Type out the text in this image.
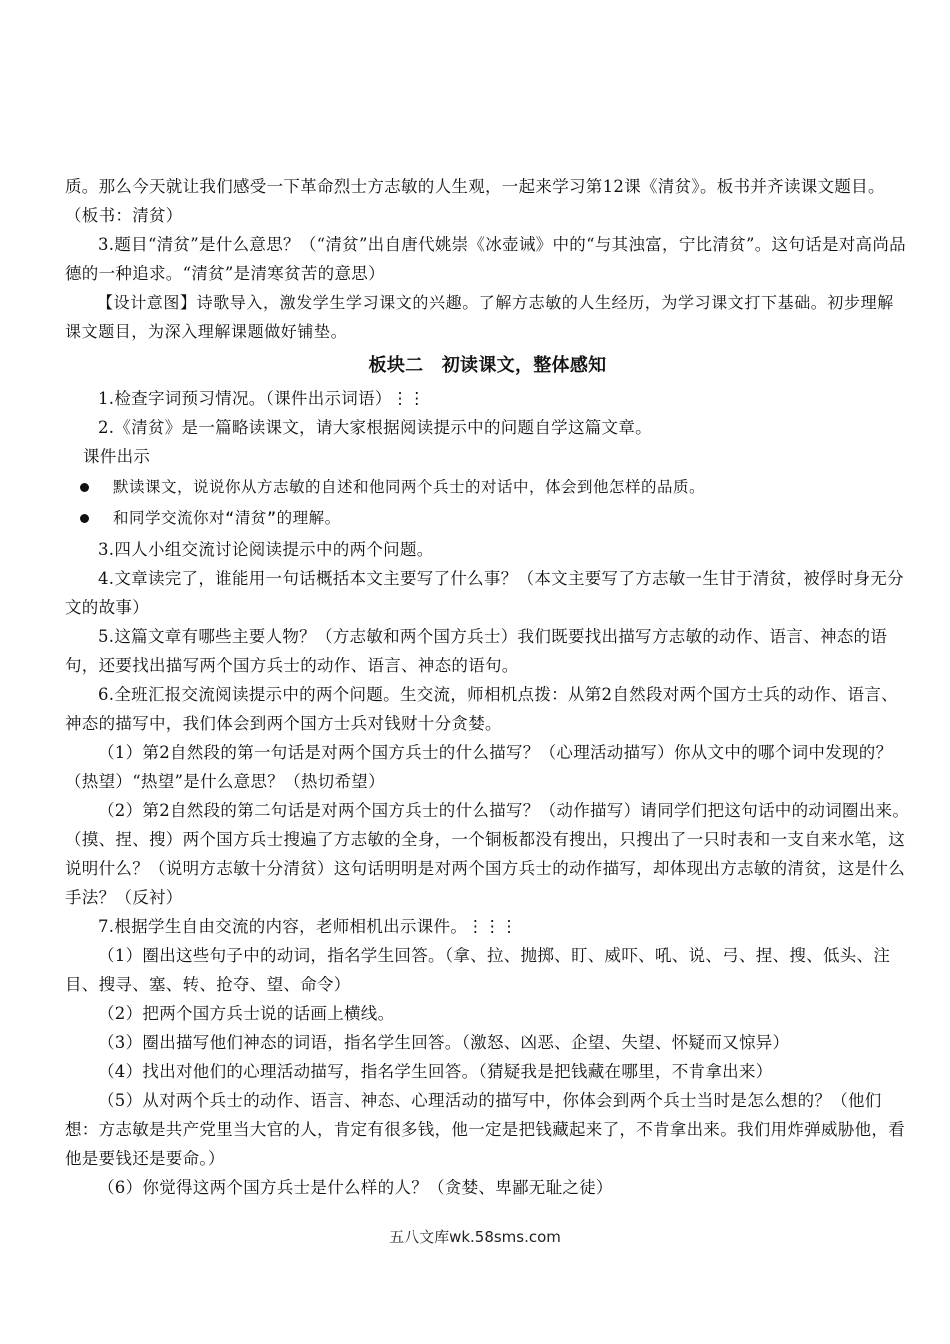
质。那么今天就让我们感受一下革命烈士方志敏的人生观，一起来学习第12课《清贫》。板书并齐读课文题目。（板书：清贫）

3.题目“清贫”是什么意思？（“清贫”出自唐代姚崇《冰壶诫》中的“与其浊富，宁比清贫”。这句话是对高尚品德的一种追求。“清贫”是清寒贫苦的意思）

【设计意图】诗歌导入，激发学生学习课文的兴趣。了解方志敏的人生经历，为学习课文打下基础。初步理解课文题目，为深入理解课题做好铺垫。

板块二　初读课文，整体感知

1.检查字词预习情况。（课件出示词语）⋮⋮

2.《清贫》是一篇略读课文，请大家根据阅读提示中的问题自学这篇文章。

课件出示

默读课文，说说你从方志敏的自述和他同两个兵士的对话中，体会到他怎样的品质。
和同学交流你对“清贫”的理解。

3.四人小组交流讨论阅读提示中的两个问题。

4.文章读完了，谁能用一句话概括本文主要写了什么事？（本文主要写了方志敏一生甘于清贫，被俘时身无分文的故事）

5.这篇文章有哪些主要人物？（方志敏和两个国方兵士）我们既要找出描写方志敏的动作、语言、神态的语句，还要找出描写两个国方兵士的动作、语言、神态的语句。

6.全班汇报交流阅读提示中的两个问题。生交流，师相机点拨：从第2自然段对两个国方士兵的动作、语言、神态的描写中，我们体会到两个国方士兵对钱财十分贪婪。

（1）第2自然段的第一句话是对两个国方兵士的什么描写？（心理活动描写）你从文中的哪个词中发现的？（热望）“热望”是什么意思？（热切希望）

（2）第2自然段的第二句话是对两个国方兵士的什么描写？（动作描写）请同学们把这句话中的动词圈出来。（摸、捏、搜）两个国方兵士搜遍了方志敏的全身，一个铜板都没有搜出，只搜出了一只时表和一支自来水笔，这说明什么？（说明方志敏十分清贫）这句话明明是对两个国方兵士的动作描写，却体现出方志敏的清贫，这是什么手法？（反衬）

7.根据学生自由交流的内容，老师相机出示课件。⋮⋮⋮

（1）圈出这些句子中的动词，指名学生回答。（拿、拉、抛掷、盯、威吓、吼、说、弓、捏、搜、低头、注目、搜寻、塞、转、抢夺、望、命令）

（2）把两个国方兵士说的话画上横线。

（3）圈出描写他们神态的词语，指名学生回答。（激怒、凶恶、企望、失望、怀疑而又惊异）

（4）找出对他们的心理活动描写，指名学生回答。（猜疑我是把钱藏在哪里，不肯拿出来）

（5）从对两个兵士的动作、语言、神态、心理活动的描写中，你体会到两个兵士当时是怎么想的？（他们想：方志敏是共产党里当大官的人，肯定有很多钱，他一定是把钱藏起来了，不肯拿出来。我们用炸弹威胁他，看他是要钱还是要命。）

（6）你觉得这两个国方兵士是什么样的人？（贪婪、卑鄙无耻之徒）

五八文库wk.58sms.com
